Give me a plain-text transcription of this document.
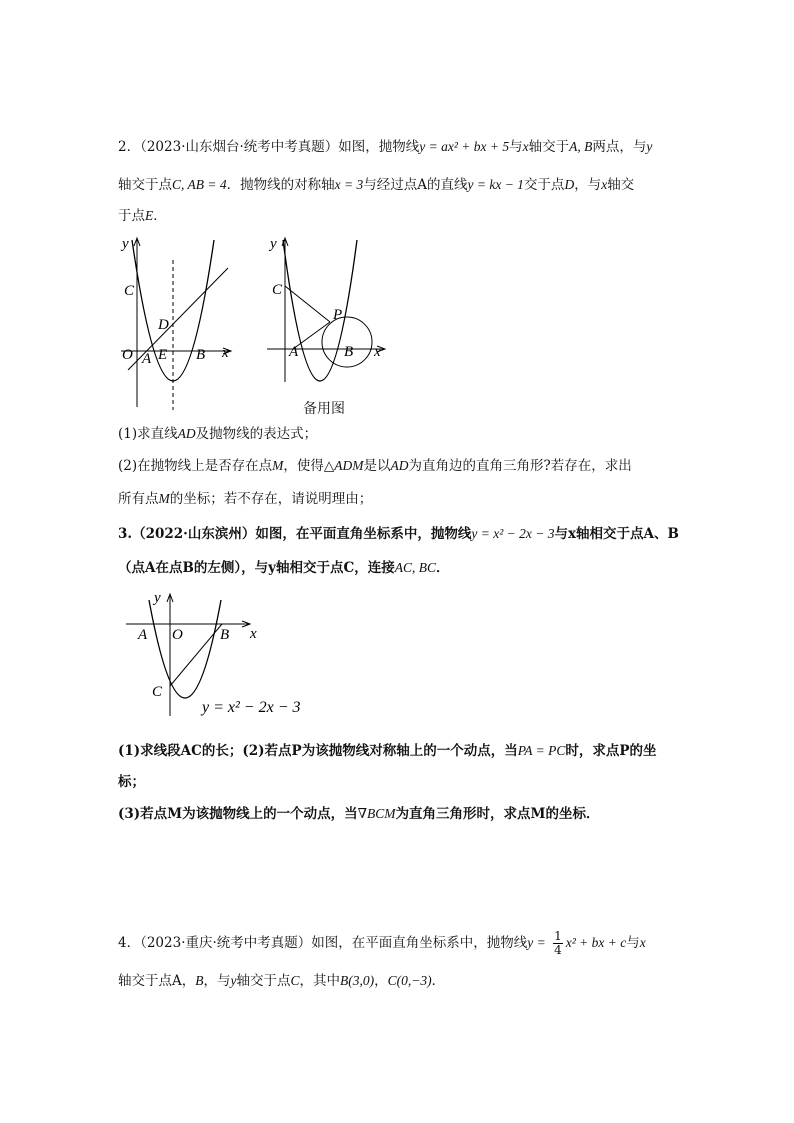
2．（2023·山东烟台·统考中考真题）如图，抛物线y = ax² + bx + 5与x轴交于A, B两点，与y
轴交于点C, AB = 4．抛物线的对称轴x = 3与经过点A的直线y = kx − 1交于点D，与x轴交
于点E．
y
x
C
D
O A E B
y
x
C
P
A	B
备用图
(1)求直线AD及抛物线的表达式；
(2)在抛物线上是否存在点M，使得△ADM是以AD为直角边的直角三角形?若存在，求出
所有点M的坐标；若不存在，请说明理由；
3.（2022·山东滨州）如图，在平面直角坐标系中，抛物线y = x² − 2x − 3与x轴相交于点A、B
（点A在点B的左侧），与y轴相交于点C，连接AC, BC．
y
x
A O B
C
y = x² − 2x − 3
(1)求线段AC的长；(2)若点P为该抛物线对称轴上的一个动点，当PA = PC时，求点P的坐
标；
(3)若点M为该抛物线上的一个动点，当∇BCM为直角三角形时，求点M的坐标．
4．（2023·重庆·统考中考真题）如图，在平面直角坐标系中，抛物线$y = \frac{1}{4} x^2$ + bx + c与x
轴交于点A，B，与y轴交于点C，其中B(3,0)，C(0,−3)．
